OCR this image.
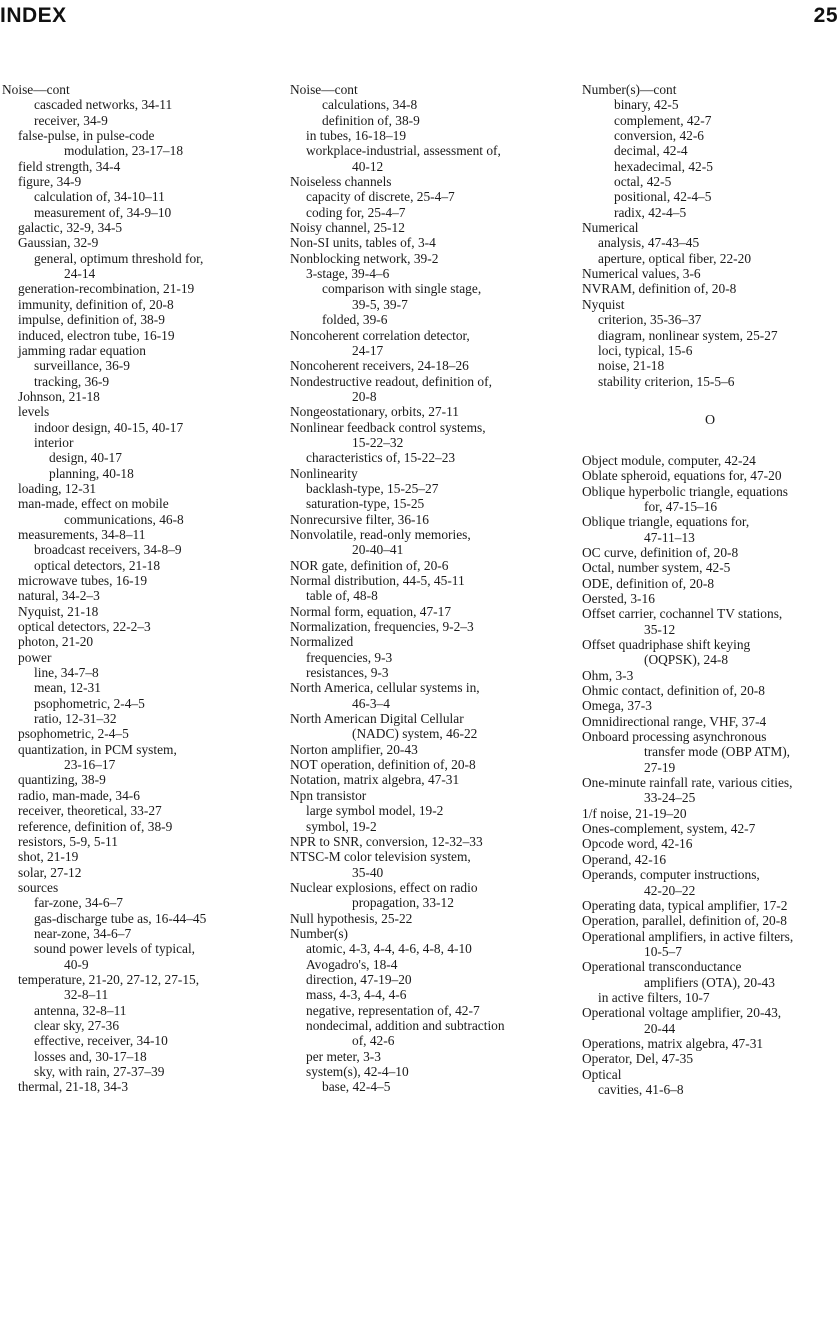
INDEX	25
Noise—cont
cascaded networks, 34-11
receiver, 34-9
false-pulse, in pulse-code
modulation, 23-17–18
field strength, 34-4
figure, 34-9
calculation of, 34-10–11
measurement of, 34-9–10
galactic, 32-9, 34-5
Gaussian, 32-9
general, optimum threshold for,
24-14
generation-recombination, 21-19
immunity, definition of, 20-8
impulse, definition of, 38-9
induced, electron tube, 16-19
jamming radar equation
surveillance, 36-9
tracking, 36-9
Johnson, 21-18
levels
indoor design, 40-15, 40-17
interior
design, 40-17
planning, 40-18
loading, 12-31
man-made, effect on mobile
communications, 46-8
measurements, 34-8–11
broadcast receivers, 34-8–9
optical detectors, 21-18
microwave tubes, 16-19
natural, 34-2–3
Nyquist, 21-18
optical detectors, 22-2–3
photon, 21-20
power
line, 34-7–8
mean, 12-31
psophometric, 2-4–5
ratio, 12-31–32
psophometric, 2-4–5
quantization, in PCM system,
23-16–17
quantizing, 38-9
radio, man-made, 34-6
receiver, theoretical, 33-27
reference, definition of, 38-9
resistors, 5-9, 5-11
shot, 21-19
solar, 27-12
sources
far-zone, 34-6–7
gas-discharge tube as, 16-44–45
near-zone, 34-6–7
sound power levels of typical,
40-9
temperature, 21-20, 27-12, 27-15,
32-8–11
antenna, 32-8–11
clear sky, 27-36
effective, receiver, 34-10
losses and, 30-17–18
sky, with rain, 27-37–39
thermal, 21-18, 34-3
Noise—cont
calculations, 34-8
definition of, 38-9
in tubes, 16-18–19
workplace-industrial, assessment of,
40-12
Noiseless channels
capacity of discrete, 25-4–7
coding for, 25-4–7
Noisy channel, 25-12
Non-SI units, tables of, 3-4
Nonblocking network, 39-2
3-stage, 39-4–6
comparison with single stage,
39-5, 39-7
folded, 39-6
Noncoherent correlation detector,
24-17
Noncoherent receivers, 24-18–26
Nondestructive readout, definition of,
20-8
Nongeostationary, orbits, 27-11
Nonlinear feedback control systems,
15-22–32
characteristics of, 15-22–23
Nonlinearity
backlash-type, 15-25–27
saturation-type, 15-25
Nonrecursive filter, 36-16
Nonvolatile, read-only memories,
20-40–41
NOR gate, definition of, 20-6
Normal distribution, 44-5, 45-11
table of, 48-8
Normal form, equation, 47-17
Normalization, frequencies, 9-2–3
Normalized
frequencies, 9-3
resistances, 9-3
North America, cellular systems in,
46-3–4
North American Digital Cellular
(NADC) system, 46-22
Norton amplifier, 20-43
NOT operation, definition of, 20-8
Notation, matrix algebra, 47-31
Npn transistor
large symbol model, 19-2
symbol, 19-2
NPR to SNR, conversion, 12-32–33
NTSC-M color television system,
35-40
Nuclear explosions, effect on radio
propagation, 33-12
Null hypothesis, 25-22
Number(s)
atomic, 4-3, 4-4, 4-6, 4-8, 4-10
Avogadro's, 18-4
direction, 47-19–20
mass, 4-3, 4-4, 4-6
negative, representation of, 42-7
nondecimal, addition and subtraction
of, 42-6
per meter, 3-3
system(s), 42-4–10
base, 42-4–5
Number(s)—cont
binary, 42-5
complement, 42-7
conversion, 42-6
decimal, 42-4
hexadecimal, 42-5
octal, 42-5
positional, 42-4–5
radix, 42-4–5
Numerical
analysis, 47-43–45
aperture, optical fiber, 22-20
Numerical values, 3-6
NVRAM, definition of, 20-8
Nyquist
criterion, 35-36–37
diagram, nonlinear system, 25-27
loci, typical, 15-6
noise, 21-18
stability criterion, 15-5–6
O
Object module, computer, 42-24
Oblate spheroid, equations for, 47-20
Oblique hyperbolic triangle, equations
for, 47-15–16
Oblique triangle, equations for,
47-11–13
OC curve, definition of, 20-8
Octal, number system, 42-5
ODE, definition of, 20-8
Oersted, 3-16
Offset carrier, cochannel TV stations,
35-12
Offset quadriphase shift keying
(OQPSK), 24-8
Ohm, 3-3
Ohmic contact, definition of, 20-8
Omega, 37-3
Omnidirectional range, VHF, 37-4
Onboard processing asynchronous
transfer mode (OBP ATM),
27-19
One-minute rainfall rate, various cities,
33-24–25
1/f noise, 21-19–20
Ones-complement, system, 42-7
Opcode word, 42-16
Operand, 42-16
Operands, computer instructions,
42-20–22
Operating data, typical amplifier, 17-2
Operation, parallel, definition of, 20-8
Operational amplifiers, in active filters,
10-5–7
Operational transconductance
amplifiers (OTA), 20-43
in active filters, 10-7
Operational voltage amplifier, 20-43,
20-44
Operations, matrix algebra, 47-31
Operator, Del, 47-35
Optical
cavities, 41-6–8
